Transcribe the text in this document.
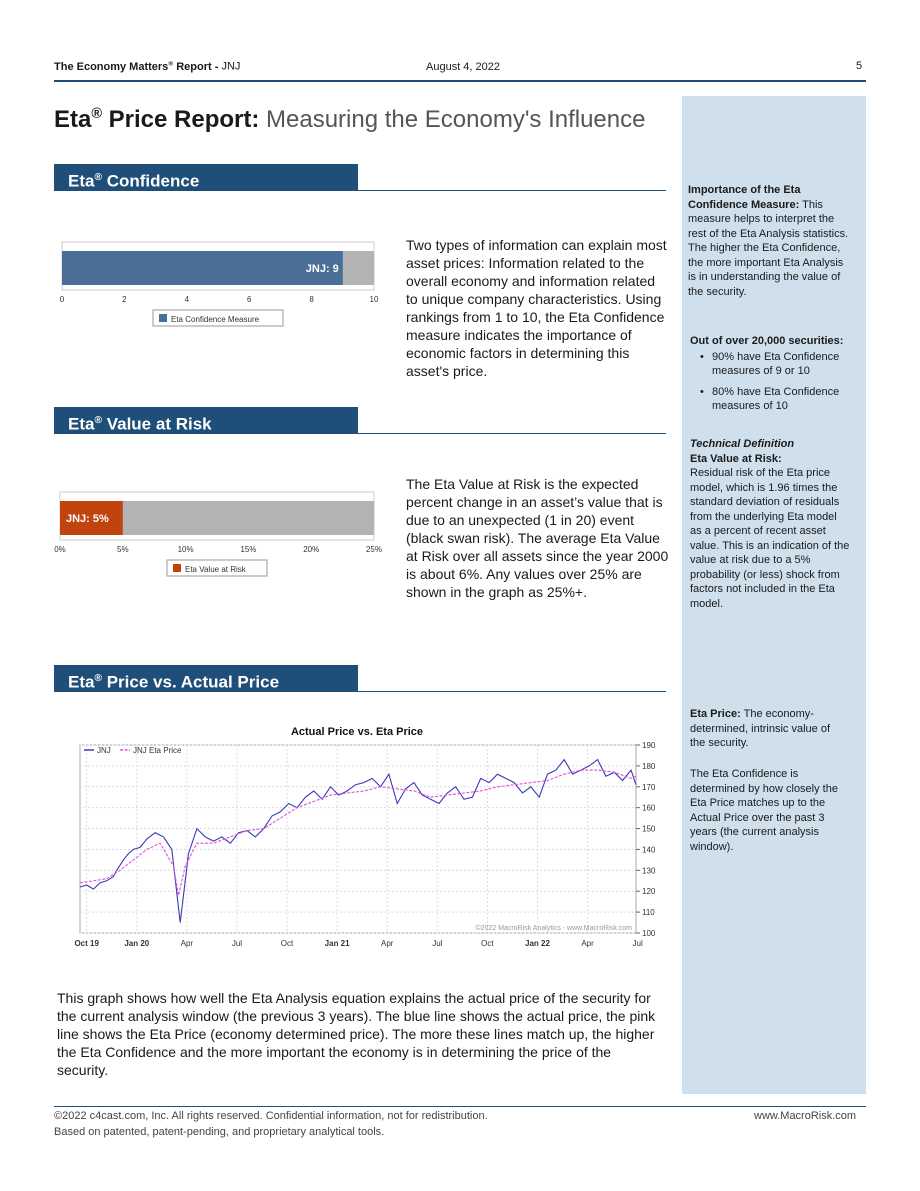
The Economy Matters® Report - JNJ	August 4, 2022	5
Eta® Price Report: Measuring the Economy's Influence
Eta® Confidence
JNJ: 9
0	2	4	6	8	10
Eta Confidence Measure
Two types of information can explain most asset prices: Information related to the overall economy and information related to unique company characteristics. Using rankings from 1 to 10, the Eta Confidence measure indicates the importance of economic factors in determining this asset's price.
Eta® Value at Risk
JNJ: 5%
0%	5%	10%	15%	20%	25%
Eta Value at Risk
The Eta Value at Risk is the expected percent change in an asset’s value that is due to an unexpected (1 in 20) event (black swan risk). The average Eta Value at Risk over all assets since the year 2000 is about 6%. Any values over 25% are shown in the graph as 25%+.
Eta® Price vs. Actual Price
Actual Price vs. Eta Price
190
180
170
160
150
140
130
120
110
100
Oct 19	Jan 20	Apr	Jul	Oct	Jan 21	Apr	Jul	Oct	Jan 22	Apr	Jul
JNJ	JNJ Eta Price
©2022 MacroRisk Analytics - www.MacroRisk.com
This graph shows how well the Eta Analysis equation explains the actual price of the security for the current analysis window (the previous 3 years). The blue line shows the actual price, the pink line shows the Eta Price (economy determined price). The more these lines match up, the higher the Eta Confidence and the more important the economy is in determining the price of the security.
Importance of the Eta Confidence Measure: This measure helps to interpret the rest of the Eta Analysis statistics. The higher the Eta Confidence, the more important Eta Analysis is in understanding the value of the security.
Out of over 20,000 securities:
• 90% have Eta Confidence measures of 9 or 10
• 80% have Eta Confidence measures of 10
Technical Definition
Eta Value at Risk:
Residual risk of the Eta price model, which is 1.96 times the standard deviation of residuals from the underlying Eta model as a percent of recent asset value. This is an indication of the value at risk due to a 5% probability (or less) shock from factors not included in the Eta model.
Eta Price: The economy-determined, intrinsic value of the security.
The Eta Confidence is determined by how closely the Eta Price matches up to the Actual Price over the past 3 years (the current analysis window).
©2022 c4cast.com, Inc. All rights reserved. Confidential information, not for redistribution.
Based on patented, patent-pending, and proprietary analytical tools.
www.MacroRisk.com
